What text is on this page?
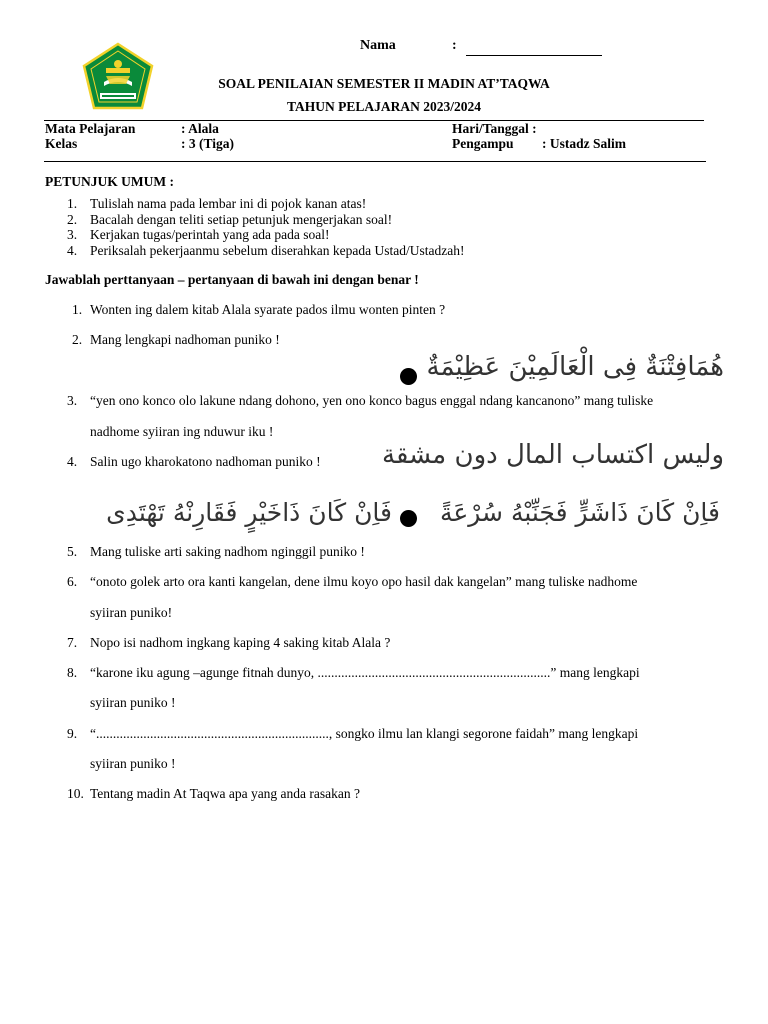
Nama	:
SOAL PENILAIAN SEMESTER II MADIN AT’TAQWA
TAHUN PELAJARAN 2023/2024
Mata Pelajaran	: Alala	Hari/Tanggal :
Kelas	: 3 (Tiga)	Pengampu : Ustadz Salim
PETUNJUK UMUM :
1. Tulislah nama pada lembar ini di pojok kanan atas!
2. Bacalah dengan teliti setiap petunjuk mengerjakan soal!
3. Kerjakan tugas/perintah yang ada pada soal!
4. Periksalah pekerjaanmu sebelum diserahkan kepada Ustad/Ustadzah!
Jawablah perttanyaan – pertanyaan di bawah ini dengan benar !
1. Wonten ing dalem kitab Alala syarate pados ilmu wonten pinten ?
2. Mang lengkapi nadhoman puniko !
هُمَافِتْنَةٌ فِى الْعَالَمِيْنَ عَظِيْمَةٌ
3. “yen ono konco olo lakune ndang dohono, yen ono konco bagus enggal ndang kancanono” mang tuliske
nadhome syiiran ing nduwur iku !
4. Salin ugo kharokatono nadhoman puniko ! وليس اكتساب المال دون مشقة
فَاِنْ كَانَ ذَاخَيْرٍ فَقَارِنْهُ تَهْتَدِى	فَاِنْ كَانَ ذَاشَرٍّ فَجَنِّبْهُ سُرْعَةً
5. Mang tuliske arti saking nadhom nginggil puniko !
6. “onoto golek arto ora kanti kangelan, dene ilmu koyo opo hasil dak kangelan” mang tuliske nadhome
syiiran puniko!
7. Nopo isi nadhom ingkang kaping 4 saking kitab Alala ?
8. “karone iku agung –agunge fitnah dunyo, .....................................................................” mang lengkapi
syiiran puniko !
9. “....................................................................., songko ilmu lan klangi segorone faidah” mang lengkapi
syiiran puniko !
10. Tentang madin At Taqwa apa yang anda rasakan ?
